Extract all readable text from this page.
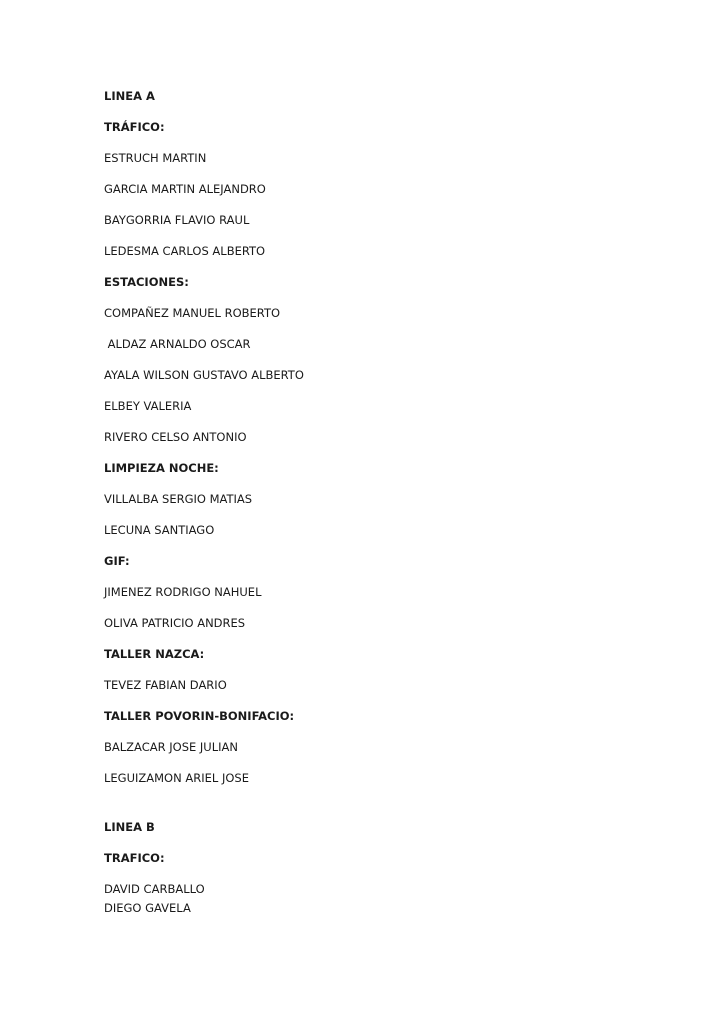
LINEA A
TRÁFICO:
ESTRUCH MARTIN
GARCIA MARTIN ALEJANDRO
BAYGORRIA FLAVIO RAUL
LEDESMA CARLOS ALBERTO
ESTACIONES:
COMPAÑEZ MANUEL ROBERTO
ALDAZ ARNALDO OSCAR
AYALA WILSON GUSTAVO ALBERTO
ELBEY VALERIA
RIVERO CELSO ANTONIO
LIMPIEZA NOCHE:
VILLALBA SERGIO MATIAS
LECUNA SANTIAGO
GIF:
JIMENEZ RODRIGO NAHUEL
OLIVA PATRICIO ANDRES
TALLER NAZCA:
TEVEZ FABIAN DARIO
TALLER POVORIN-BONIFACIO:
BALZACAR JOSE JULIAN
LEGUIZAMON ARIEL JOSE
LINEA B
TRAFICO:
DAVID CARBALLO
DIEGO GAVELA
